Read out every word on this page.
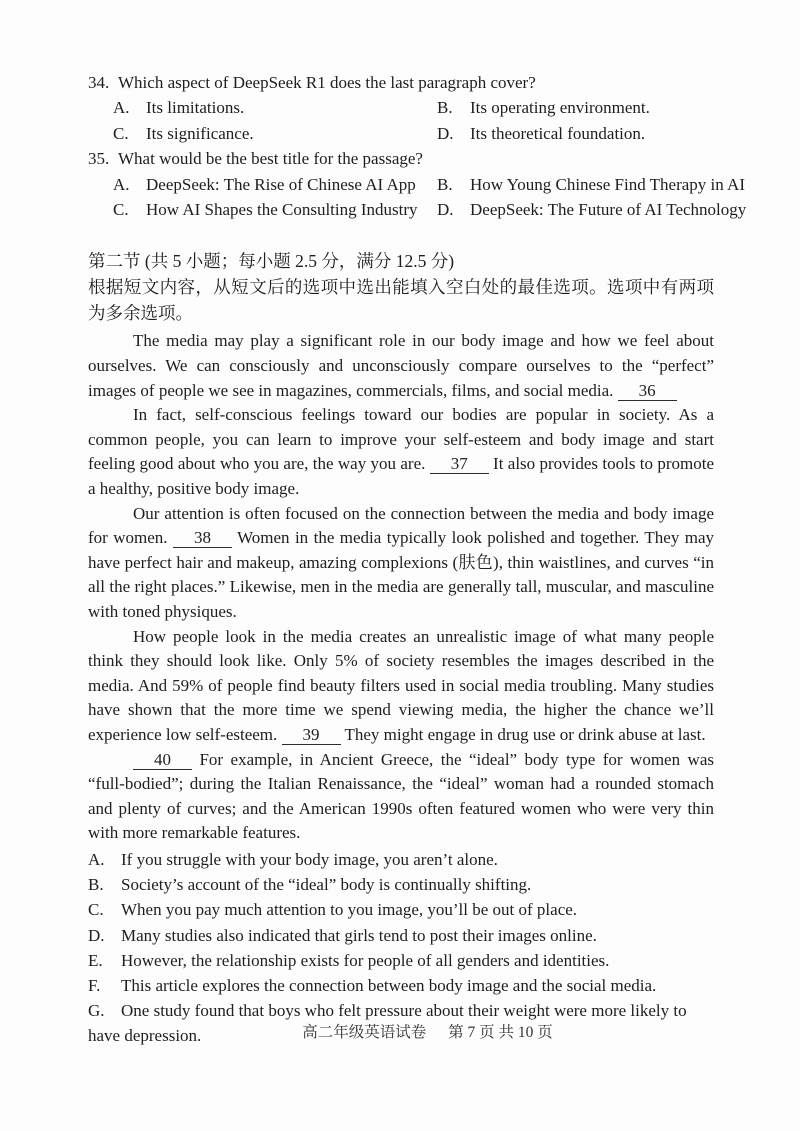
34. Which aspect of DeepSeek R1 does the last paragraph cover?
A. Its limitations.	B.	Its operating environment.
C.	Its significance.	D. Its theoretical foundation.
35. What would be the best title for the passage?
A. DeepSeek: The Rise of Chinese AI App B.	How Young Chinese Find Therapy in AI
C.	How AI Shapes the Consulting Industry D. DeepSeek: The Future of AI Technology
第二节 (共 5 小题；每小题 2.5 分，满分 12.5 分)
根据短文内容，从短文后的选项中选出能填入空白处的最佳选项。选项中有两项为多余选项。

The media may play a significant role in our body image and how we feel about ourselves. We can consciously and unconsciously compare ourselves to the “perfect” images of people we see in magazines, commercials, films, and social media. 36

In fact, self-conscious feelings toward our bodies are popular in society. As a common people, you can learn to improve your self-esteem and body image and start feeling good about who you are, the way you are. 37 It also provides tools to promote a healthy, positive body image.

Our attention is often focused on the connection between the media and body image for women. 38 Women in the media typically look polished and together. They may have perfect hair and makeup, amazing complexions (肤色), thin waistlines, and curves “in all the right places.” Likewise, men in the media are generally tall, muscular, and masculine with toned physiques.

How people look in the media creates an unrealistic image of what many people think they should look like. Only 5% of society resembles the images described in the media. And 59% of people find beauty filters used in social media troubling. Many studies have shown that the more time we spend viewing media, the higher the chance we’ll experience low self-esteem. 39 They might engage in drug use or drink abuse at last.

40 For example, in Ancient Greece, the “ideal” body type for women was “full-bodied”; during the Italian Renaissance, the “ideal” woman had a rounded stomach and plenty of curves; and the American 1990s often featured women who were very thin with more remarkable features.

A. If you struggle with your body image, you aren’t alone.

B. Society’s account of the “ideal” body is continually shifting.

C. When you pay much attention to you image, you’ll be out of place.

D. Many studies also indicated that girls tend to post their images online.

E. However, the relationship exists for people of all genders and identities.

F. This article explores the connection between body image and the social media.

G. One study found that boys who felt pressure about their weight were more likely to have depression.	高二年级英语试卷 第 7 页 共 10 页
